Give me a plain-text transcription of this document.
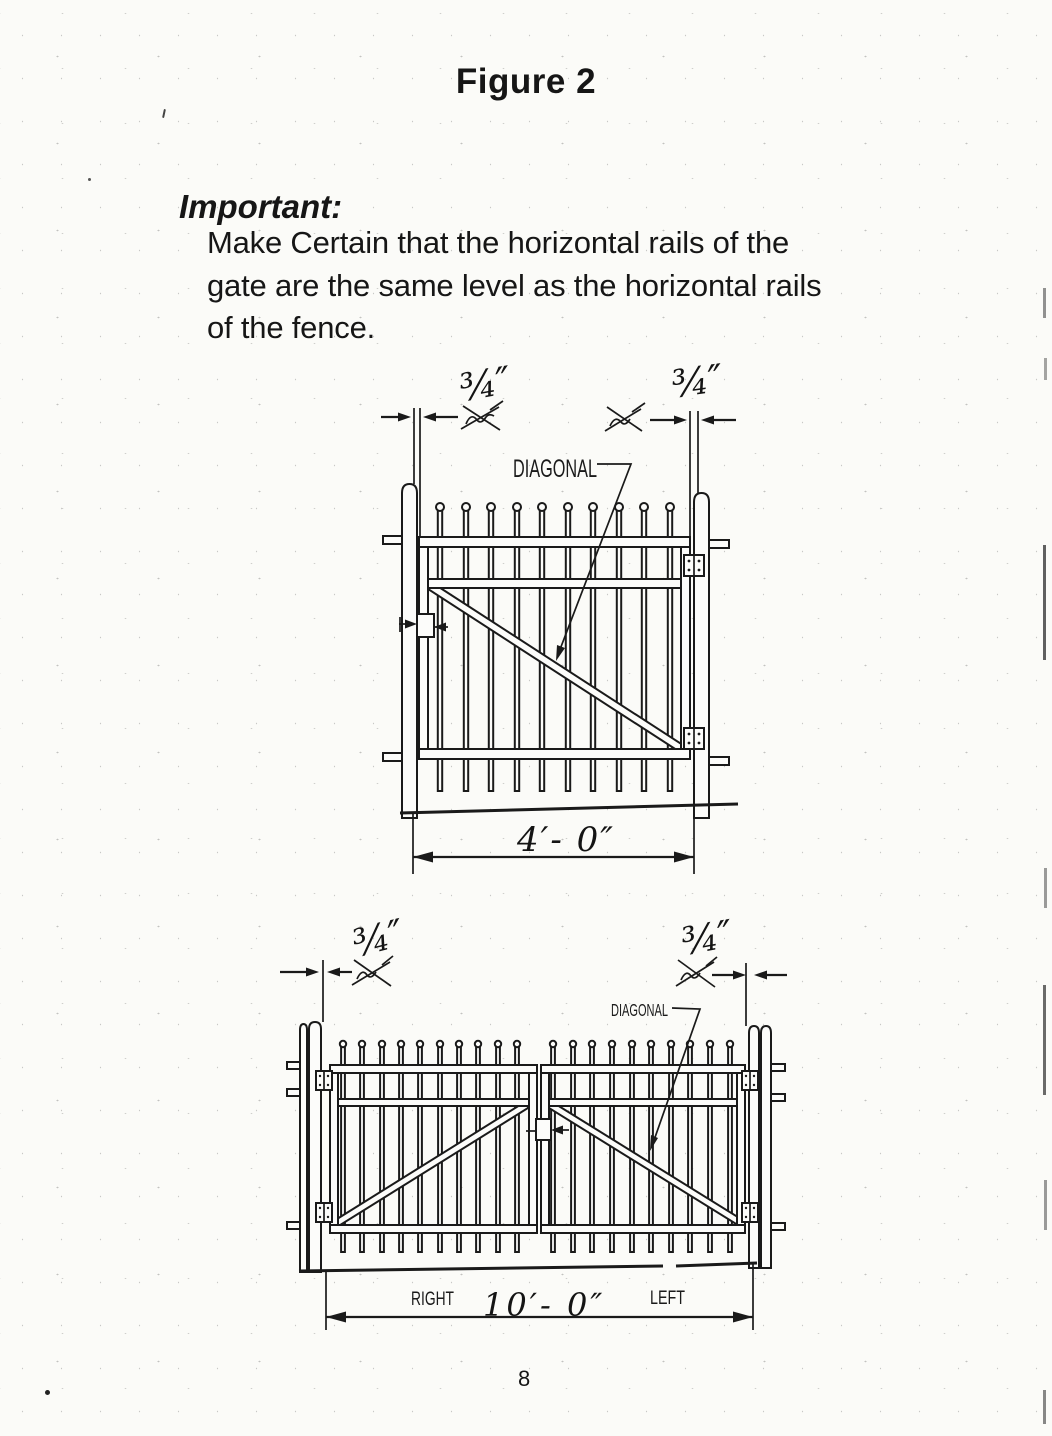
Figure 2
Important:
Make Certain that the horizontal rails of the
gate are the same level as the horizontal rails
of the fence.
¾″	¾″
DIAGONAL
4′- 0″
¾″	¾″
DIAGONAL
RIGHT 10′- 0″ LEFT
8
